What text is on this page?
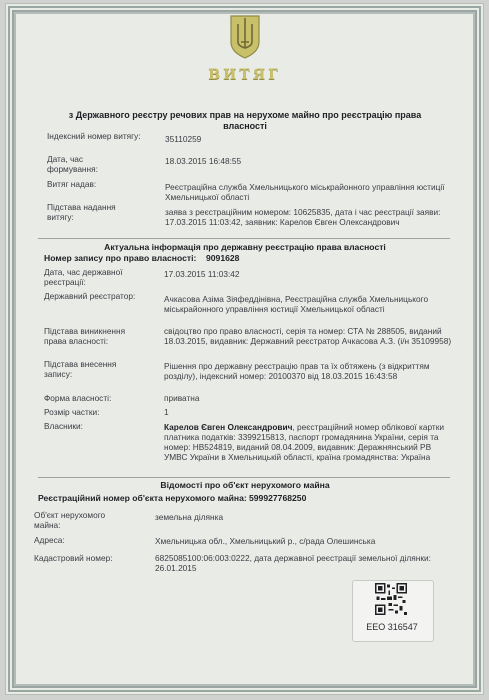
ВИТЯГ
з Державного реєстру речових прав на нерухоме майно про реєстрацію права власності
Індексний номер витягу:	35110259
Дата, час формування:
18.03.2015 16:48:55
Витяг надав:	Реєстраційна служба Хмельницького міськрайонного управління юстиції Хмельницької області
Підстава надання витягу:	заява з реєстраційним номером: 10625835, дата і час реєстрації заяви: 17.03.2015 11:03:42, заявник: Карелов Євген Олександрович
Актуальна інформація про державну реєстрацію права власності
Номер запису про право власності:	9091628
Дата, час державної реєстрації:
17.03.2015 11:03:42
Державний реєстратор:	Ачкасова Азіма Зіяфеддінівна, Реєстраційна служба Хмельницького міськрайонного управління юстиції Хмельницької області
Підстава виникнення права власності:
свідоцтво про право власності, серія та номер: СТА № 288505, виданий 18.03.2015, видавник: Державний реєстратор Ачкасова А.З. (і/н 35109958)
Підстава внесення запису:
Рішення про державну реєстрацію прав та їх обтяжень (з відкриттям розділу), індексний номер: 20100370 від 18.03.2015 16:43:58
Форма власності:	приватна
Розмір частки:	1
Власники:	Карелов Євген Олександрович, реєстраційний номер облікової картки платника податків: 3399215813, паспорт громадянина України, серія та номер: НВ524819, виданий 08.04.2009, видавник: Деражнянський РВ УМВС України в Хмельницькій області, країна громадянства: Україна
Відомості про об'єкт нерухомого майна
Реєстраційний номер об'єкта нерухомого майна: 599927768250
Об'єкт нерухомого майна:
земельна ділянка
Адреса:	Хмельницька обл., Хмельницький р., с/рада Олешинська
Кадастровий номер:	6825085100:06:003:0222, дата державної реєстрації земельної ділянки: 26.01.2015
ЕЕО 316547
